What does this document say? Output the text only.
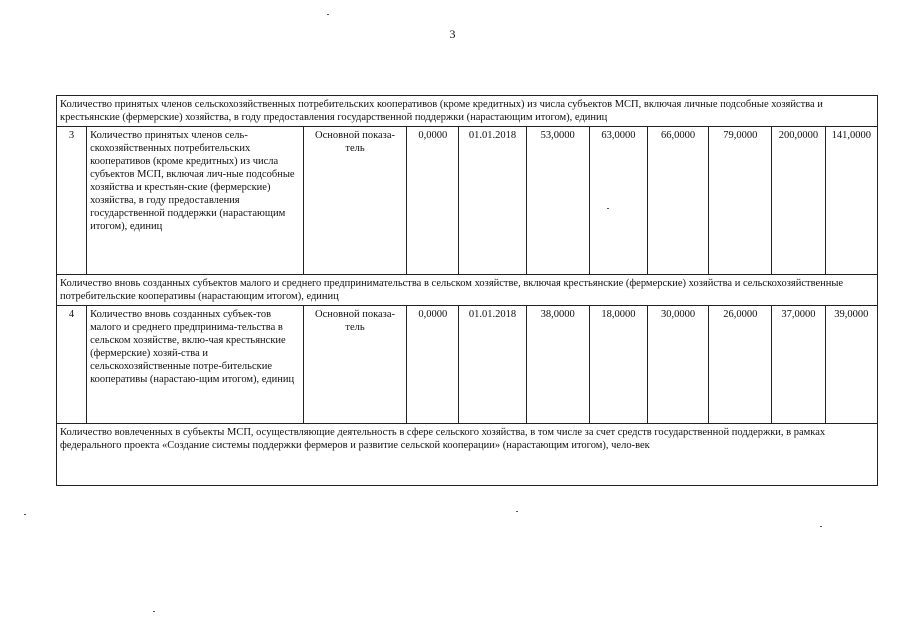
3
Количество принятых членов сельскохозяйственных потребительских кооперативов (кроме кредитных) из числа субъектов МСП, включая личные подсобные хозяйства и крестьянские (фермерские) хозяйства, в году предоставления государственной поддержки (нарастающим итогом), единиц										
3	Количество принятых членов сель-скохозяйственных потребительских кооперативов (кроме кредитных) из числа субъектов МСП, включая лич-ные подсобные хозяйства и крестьян-ские (фермерские) хозяйства, в году предоставления государственной поддержки (нарастающим итогом), единиц	Основной показа-тель	0,0000	01.01.2018	53,0000	63,0000	66,0000	79,0000	200,0000	141,0000
Количество вновь созданных субъектов малого и среднего предпринимательства в сельском хозяйстве, включая крестьянские (фермерские) хозяйства и сельскохозяйственные потребительские кооперативы (нарастающим итогом), единиц										
4	Количество вновь созданных субъек-тов малого и среднего предпринима-тельства в сельском хозяйстве, вклю-чая крестьянские (фермерские) хозяй-ства и сельскохозяйственные потре-бительские кооперативы (нарастаю-щим итогом), единиц	Основной показа-тель	0,0000	01.01.2018	38,0000	18,0000	30,0000	26,0000	37,0000	39,0000
Количество вовлеченных в субъекты МСП, осуществляющие деятельность в сфере сельского хозяйства, в том числе за счет средств государственной поддержки, в рамках федерального проекта «Создание системы поддержки фермеров и развитие сельской кооперации» (нарастающим итогом), чело-век										
